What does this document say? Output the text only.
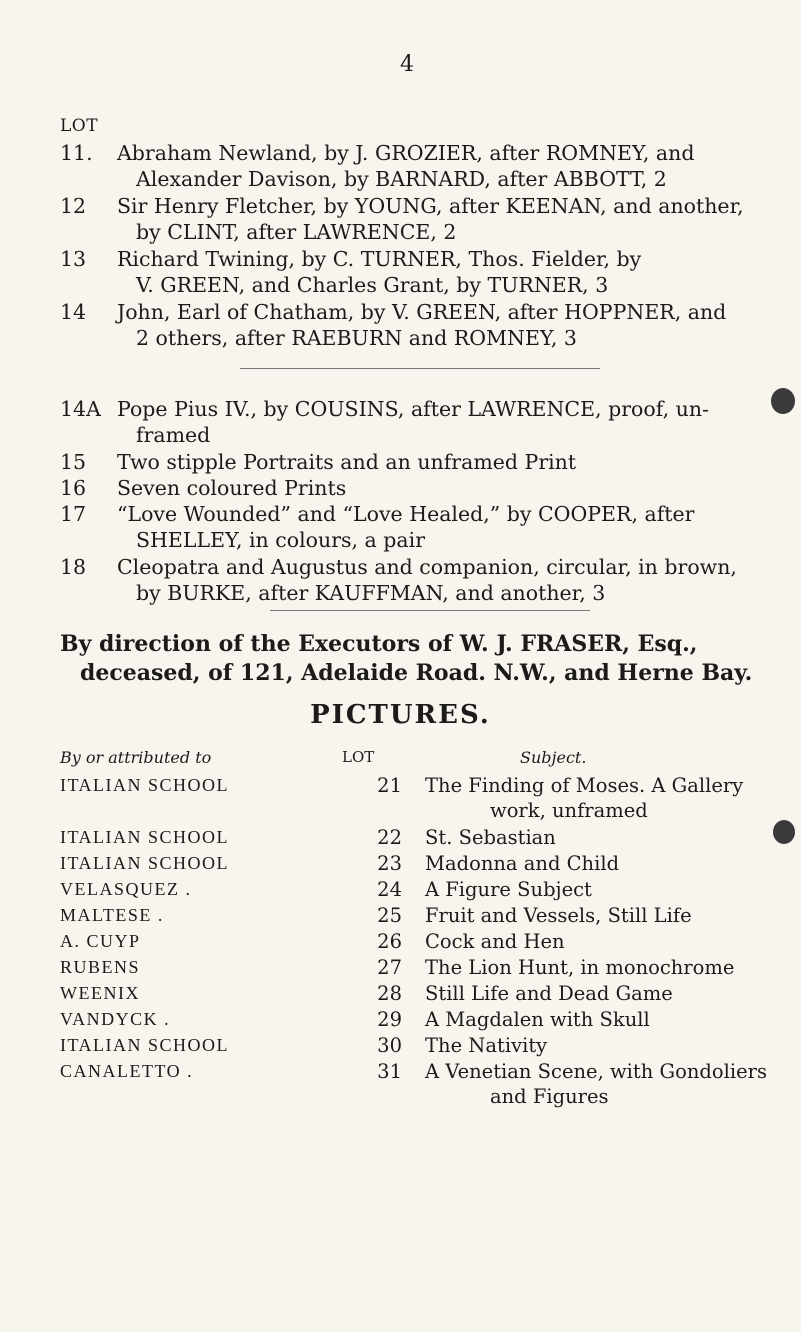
4
LOT
11.	Abraham Newland, by J. GROZIER, after ROMNEY, and
Alexander Davison, by BARNARD, after ABBOTT, 2
12	Sir Henry Fletcher, by YOUNG, after KEENAN, and another,
by CLINT, after LAWRENCE, 2
13	Richard Twining, by C. TURNER, Thos. Fielder, by
V. GREEN, and Charles Grant, by TURNER, 3
14	John, Earl of Chatham, by V. GREEN, after HOPPNER, and
2 others, after RAEBURN and ROMNEY, 3
14A Pope Pius IV., by COUSINS, after LAWRENCE, proof, un-
framed
15	Two stipple Portraits and an unframed Print
16	Seven coloured Prints
17	“Love Wounded” and “Love Healed,” by COOPER, after
SHELLEY, in colours, a pair
18	Cleopatra and Augustus and companion, circular, in brown,
by BURKE, after KAUFFMAN, and another, 3
By direction of the Executors of W. J. FRASER, Esq.,
deceased, of 121, Adelaide Road. N.W., and Herne Bay.
PICTURES.
By or attributed to	LOT	Subject.
ITALIAN SCHOOL	21 The Finding of Moses. A Gallery
work, unframed
ITALIAN SCHOOL	22 St. Sebastian
ITALIAN SCHOOL	23 Madonna and Child
VELASQUEZ .	24 A Figure Subject
MALTESE .	25 Fruit and Vessels, Still Life
A. CUYP	26 Cock and Hen
RUBENS	27 The Lion Hunt, in monochrome
WEENIX	28 Still Life and Dead Game
VANDYCK .	29 A Magdalen with Skull
ITALIAN SCHOOL	30 The Nativity
CANALETTO .	31 A Venetian Scene, with Gondoliers
and Figures
